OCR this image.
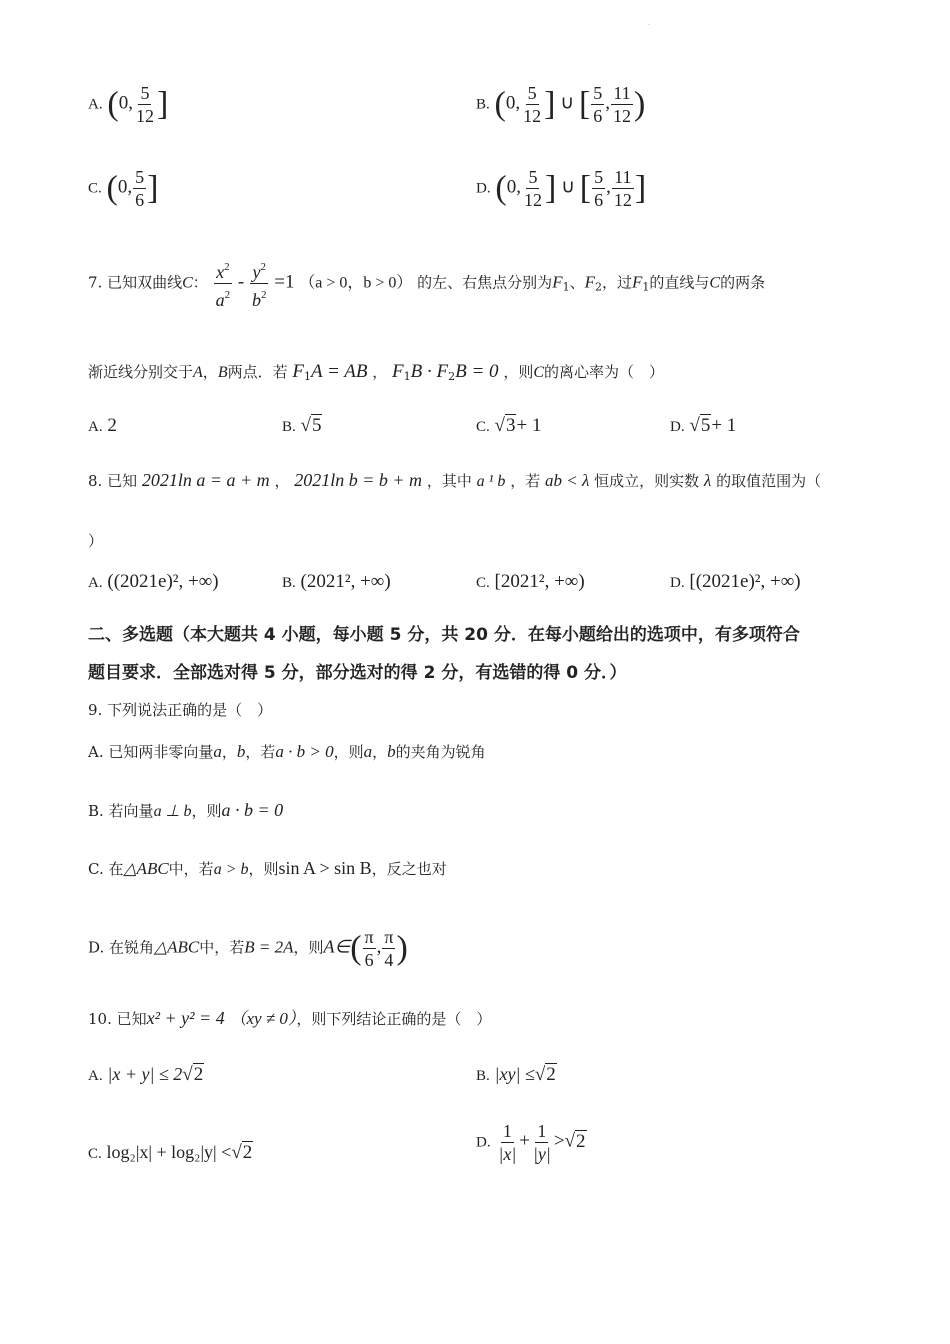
.
A. (0, $\frac{5}{12}$ ]	B. (0, $\frac{5}{12}$ ] ∪ [ $\frac{5}{6}$ , $\frac{11}{12}$ )
C. (0, $\frac{5}{6}$ ]	D. (0, $\frac{5}{12}$ ] ∪ [ $\frac{5}{6}$ , $\frac{11}{12}$ ]
7. 已知双曲线C： $\frac{x^2}{a^2} - \frac{y^2}{b^2} =1$ （a > 0，b > 0） 的左、右焦点分别为$F_1$、$F_2$，过$F_1$的直线与C的两条
渐近线分别交于A，B两点．若 $F_1A$ = AB ， $F_1B \cdot F_2B = 0$ ，则C的离心率为（　）
A. 2	B. √5	C. √3+ 1	D. √5+ 1
8. 已知 2021ln a = a + m ， 2021ln b = b + m ，其中 a ¹ b ，若 ab < λ 恒成立，则实数 λ 的取值范围为（
）
A. ((2021e)², +∞)	B. (2021², +∞)	C. [2021², +∞)	D. [(2021e)², +∞)
二、多选题（本大题共 4 小题，每小题 5 分，共 20 分．在每小题给出的选项中，有多项符合
题目要求．全部选对得 5 分，部分选对的得 2 分，有选错的得 0 分．）
9. 下列说法正确的是（　）
A. 已知两非零向量a，b，若a · b > 0，则a，b的夹角为锐角
B. 若向量a ⊥ b，则a · b = 0
C. 在△ABC中，若a > b，则sin A > sin B，反之也对
D. 在锐角△ABC中，若B = 2A，则A∈( $\frac{\pi}{6}$ , $\frac{\pi}{4}$ )
10. 已知x² + y² = 4 （xy ≠ 0），则下列结论正确的是（　）
A. |x + y| ≤ 2√2	B. |xy| ≤√2
C. log₂|x| + log₂|y| <√2	D. $\frac{1}{|x|} + \frac{1}{|y|} >√2$
